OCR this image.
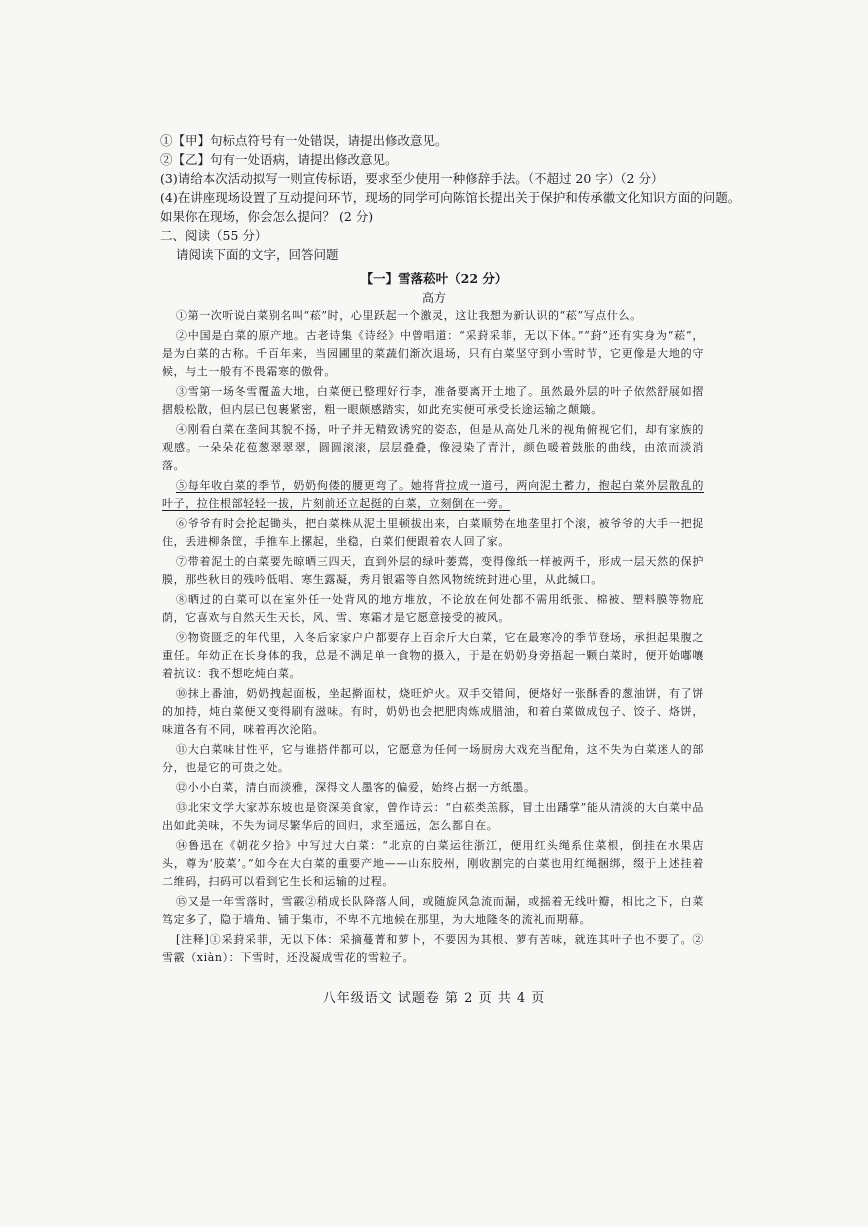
①【甲】句标点符号有一处错误，请提出修改意见。
②【乙】句有一处语病，请提出修改意见。
(3)请给本次活动拟写一则宣传标语，要求至少使用一种修辞手法。（不超过 20 字）（2 分）
(4)在讲座现场设置了互动提问环节，现场的同学可向陈馆长提出关于保护和传承徽文化知识方面的问题。
如果你在现场，你会怎么提问？ (2 分)
二、阅读（55 分）
请阅读下面的文字，回答问题
【一】雪落菘叶（22 分）
高方
①第一次听说白菜别名叫“菘”时，心里跃起一个激灵，这让我想为新认识的“菘”写点什么。
②中国是白菜的原产地。古老诗集《诗经》中曾唱道：“采葑采菲，无以下体。”“葑”还有实身为“菘”，是为白菜的古称。千百年来，当园圃里的菜蔬们渐次退场，只有白菜坚守到小雪时节，它更像是大地的守候，与土一般有不畏霜寒的傲骨。
③雪第一场冬雪覆盖大地，白菜便已整理好行李，准备要离开土地了。虽然最外层的叶子依然舒展如摺摺般松散，但内层已包裹紧密，粗一眼颇感踏实，如此充实便可承受长途运输之颠簸。
④刚看白菜在垄间其貌不扬，叶子并无精致诱究的姿态，但是从高处几米的视角俯视它们，却有家族的观感。一朵朵花苞葱翠翠翠，圆圆滚滚，层层叠叠，像浸染了青汁，颜色暖着鼓胀的曲线，由浓而淡消落。
⑤每年收白菜的季节，奶奶佝偻的腰更弯了。她将背拉成一道弓，两向泥土蓄力，抱起白菜外层散乱的叶子，拉住根部轻轻一拔，片刻前还立起挺的白菜，立刻倒在一旁。
⑥爷爷有时会抡起锄头，把白菜株从泥土里顿拔出来，白菜顺势在地垄里打个滚，被爷爷的大手一把捉住，丢进柳条筐，手推车上摞起，坐稳，白菜们便跟着农人回了家。
⑦带着泥土的白菜要先晾晒三四天，直到外层的绿叶萎蔫，变得像纸一样被两千，形成一层天然的保护膜，那些秋日的残吟低唱、寒生露凝，秀月银霜等自然风物统统封进心里，从此缄口。
⑧晒过的白菜可以在室外任一处背风的地方堆放，不论放在何处都不需用纸张、棉被、塑料膜等物庇荫，它喜欢与自然天生天长，风、雪、寒霜才是它愿意接受的被风。
⑨物资匮乏的年代里，入冬后家家户户都要存上百余斤大白菜，它在最寒冷的季节登场，承担起果腹之重任。年幼正在长身体的我，总是不满足单一食物的摄入，于是在奶奶身旁捂起一颗白菜时，便开始嘟嚷着抗议：我不想吃炖白菜。
⑩抹上番油，奶奶拽起面板，坐起擀面杖，烧旺炉火。双手交错间，便烙好一张酥香的葱油饼，有了饼的加持，炖白菜便又变得刷有滋味。有时，奶奶也会把肥肉炼成腊油，和着白菜做成包子、饺子、烙饼，味道各有不同，咪着再次沦陷。
⑪大白菜味甘性平，它与谁搭伴都可以，它愿意为任何一场厨房大戏充当配角，这不失为白菜迷人的部分，也是它的可贵之处。
⑫小小白菜，清白而淡雅，深得文人墨客的偏爱，始终占据一方纸墨。
八年级语文 试题卷 第 2 页 共 4 页
⑬北宋文学大家苏东坡也是资深美食家，曾作诗云：“白菘类羔豚，冒土出蹯掌”能从清淡的大白菜中品出如此美味，不失为词尽繁华后的回归，求至遥远，怎么都自在。
⑭鲁迅在《朝花夕拾》中写过大白菜：“北京的白菜运往浙江，便用红头绳系住菜根，倒挂在水果店头，尊为‘胶菜’。”如今在大白菜的重要产地——山东胶州，刚收割完的白菜也用红绳捆绑，缀于上述挂着二维码，扫码可以看到它生长和运输的过程。
⑮又是一年雪落时，雪霰②稍成长队降落人间，或随旋风急流而漏，或摇着无线叶瓣，相比之下，白菜笃定多了，隐于墙角、铺于集市，不卑不亢地候在那里，为大地隆冬的流礼而期幕。
[注释]①采葑采菲，无以下体：采摘蔓菁和萝卜，不要因为其根、萝有苦味，就连其叶子也不要了。②雪霰（xiàn）：下雪时，还没凝成雪花的雪粒子。
